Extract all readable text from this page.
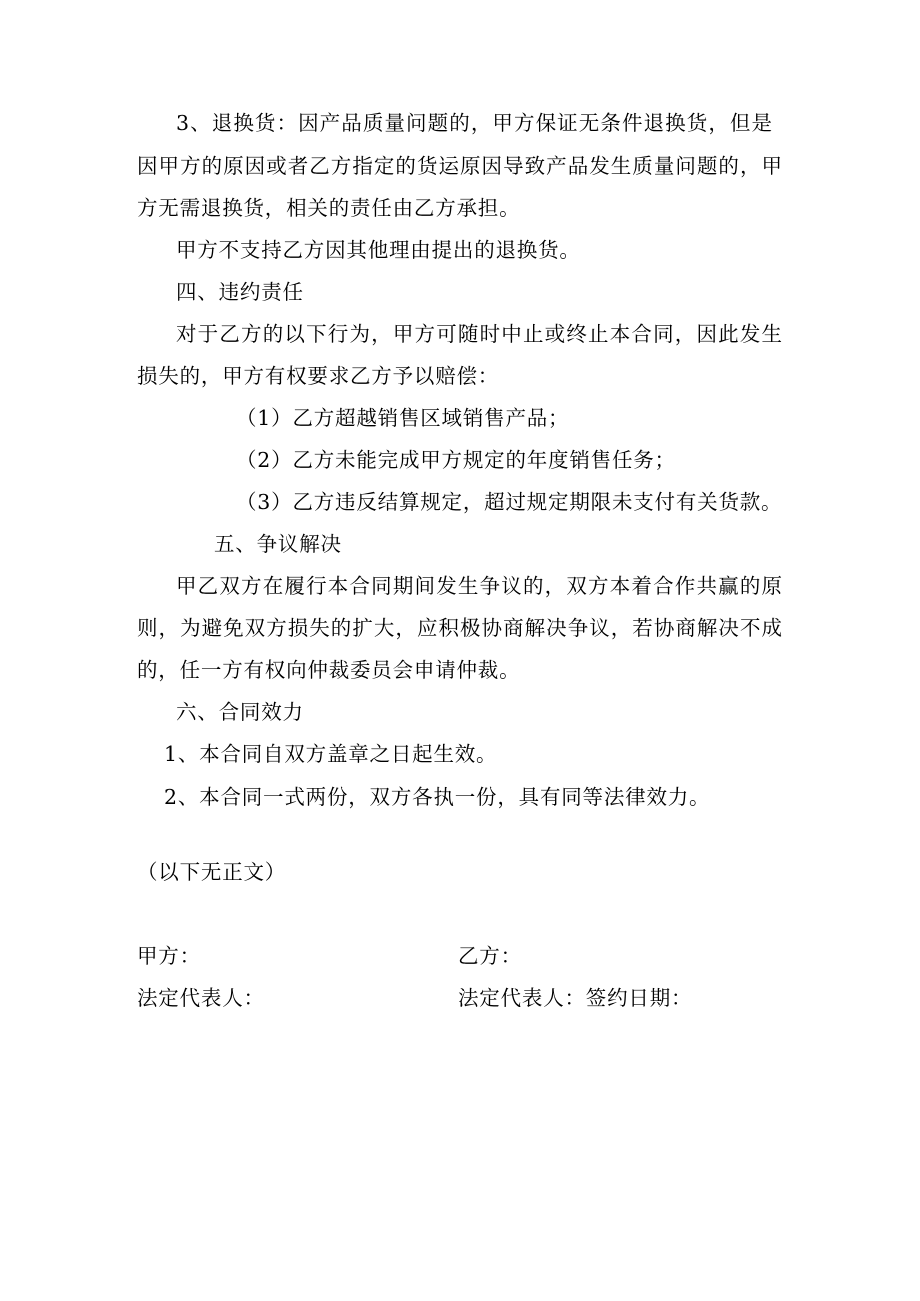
3、退换货：因产品质量问题的，甲方保证无条件退换货，但是
因甲方的原因或者乙方指定的货运原因导致产品发生质量问题的，甲
方无需退换货，相关的责任由乙方承担。
甲方不支持乙方因其他理由提出的退换货。
四、违约责任
对于乙方的以下行为，甲方可随时中止或终止本合同，因此发生
损失的，甲方有权要求乙方予以赔偿：
（1）乙方超越销售区域销售产品；
（2）乙方未能完成甲方规定的年度销售任务；
（3）乙方违反结算规定，超过规定期限未支付有关货款。
五、争议解决
甲乙双方在履行本合同期间发生争议的，双方本着合作共赢的原
则，为避免双方损失的扩大，应积极协商解决争议，若协商解决不成
的，任一方有权向仲裁委员会申请仲裁。
六、合同效力
1、本合同自双方盖章之日起生效。
2、本合同一式两份，双方各执一份，具有同等法律效力。
（以下无正文）
甲方：	乙方：
法定代表人：	法定代表人：签约日期：
